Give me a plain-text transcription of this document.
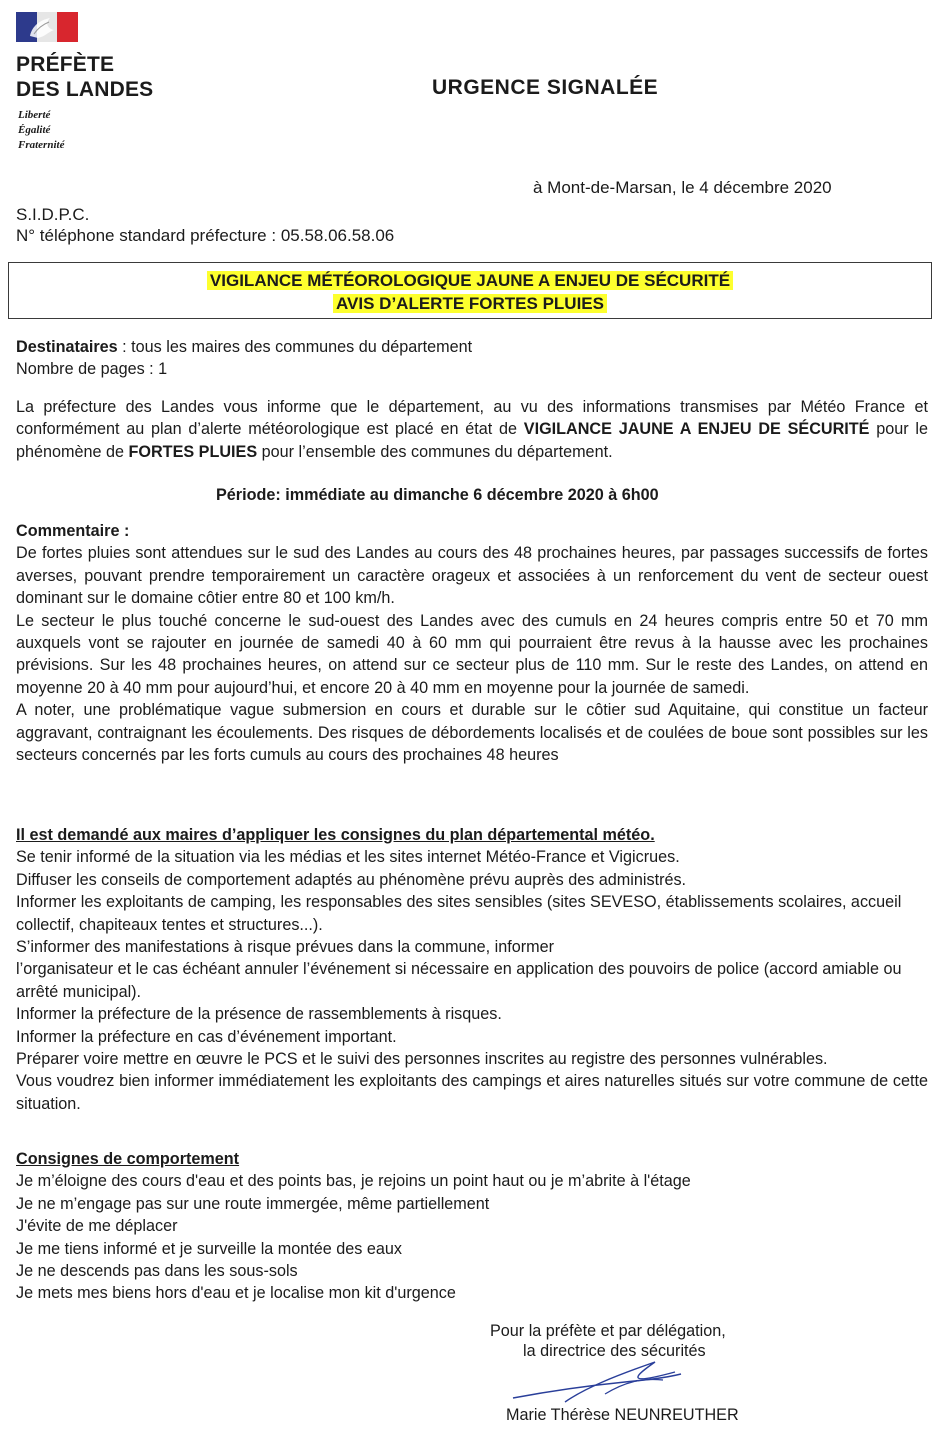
PRÉFÈTE
DES LANDES
Liberté
Égalité
Fraternité
URGENCE SIGNALÉE
à Mont-de-Marsan, le 4 décembre 2020
S.I.D.P.C.
N° téléphone standard préfecture : 05.58.06.58.06
VIGILANCE MÉTÉOROLOGIQUE JAUNE A ENJEU DE SÉCURITÉ
AVIS D’ALERTE FORTES PLUIES
Destinataires : tous les maires des communes du département
Nombre de pages : 1
La préfecture des Landes vous informe que le département, au vu des informations transmises par Météo France et conformément au plan d’alerte météorologique est placé en état de VIGILANCE JAUNE A ENJEU DE SÉCURITÉ pour le phénomène de FORTES PLUIES pour l’ensemble des communes du département.
Période: immédiate au dimanche 6 décembre 2020 à 6h00
Commentaire :
De fortes pluies sont attendues sur le sud des Landes au cours des 48 prochaines heures, par passages successifs de fortes averses, pouvant prendre temporairement un caractère orageux et associées à un renforcement du vent de secteur ouest dominant sur le domaine côtier entre 80 et 100 km/h.
Le secteur le plus touché concerne le sud-ouest des Landes avec des cumuls en 24 heures compris entre 50 et 70 mm auxquels vont se rajouter en journée de samedi 40 à 60 mm qui pourraient être revus à la hausse avec les prochaines prévisions. Sur les 48 prochaines heures, on attend sur ce secteur plus de 110 mm. Sur le reste des Landes, on attend en moyenne 20 à 40 mm pour aujourd’hui, et encore 20 à 40 mm en moyenne pour la journée de samedi.
A noter, une problématique vague submersion en cours et durable sur le côtier sud Aquitaine, qui constitue un facteur aggravant, contraignant les écoulements. Des risques de débordements localisés et de coulées de boue sont possibles sur les secteurs concernés par les forts cumuls au cours des prochaines 48 heures
Il est demandé aux maires d’appliquer les consignes du plan départemental météo.
Se tenir informé de la situation via les médias et les sites internet Météo-France et Vigicrues.
Diffuser les conseils de comportement adaptés au phénomène prévu auprès des administrés.
Informer les exploitants de camping, les responsables des sites sensibles (sites SEVESO, établissements scolaires, accueil collectif, chapiteaux tentes et structures...).
S’informer des manifestations à risque prévues dans la commune, informer
l’organisateur et le cas échéant annuler l’événement si nécessaire en application des pouvoirs de police (accord amiable ou arrêté municipal).
Informer la préfecture de la présence de rassemblements à risques.
Informer la préfecture en cas d’événement important.
Préparer voire mettre en œuvre le PCS et le suivi des personnes inscrites au registre des personnes vulnérables.
Vous voudrez bien informer immédiatement les exploitants des campings et aires naturelles situés sur votre commune de cette situation.
Consignes de comportement
Je m’éloigne des cours d'eau et des points bas, je rejoins un point haut ou je m’abrite à l'étage
Je ne m’engage pas sur une route immergée, même partiellement
J'évite de me déplacer
Je me tiens informé et je surveille la montée des eaux
Je ne descends pas dans les sous-sols
Je mets mes biens hors d'eau et je localise mon kit d'urgence
Pour la préfète et par délégation,
la directrice des sécurités
Marie Thérèse NEUNREUTHER
